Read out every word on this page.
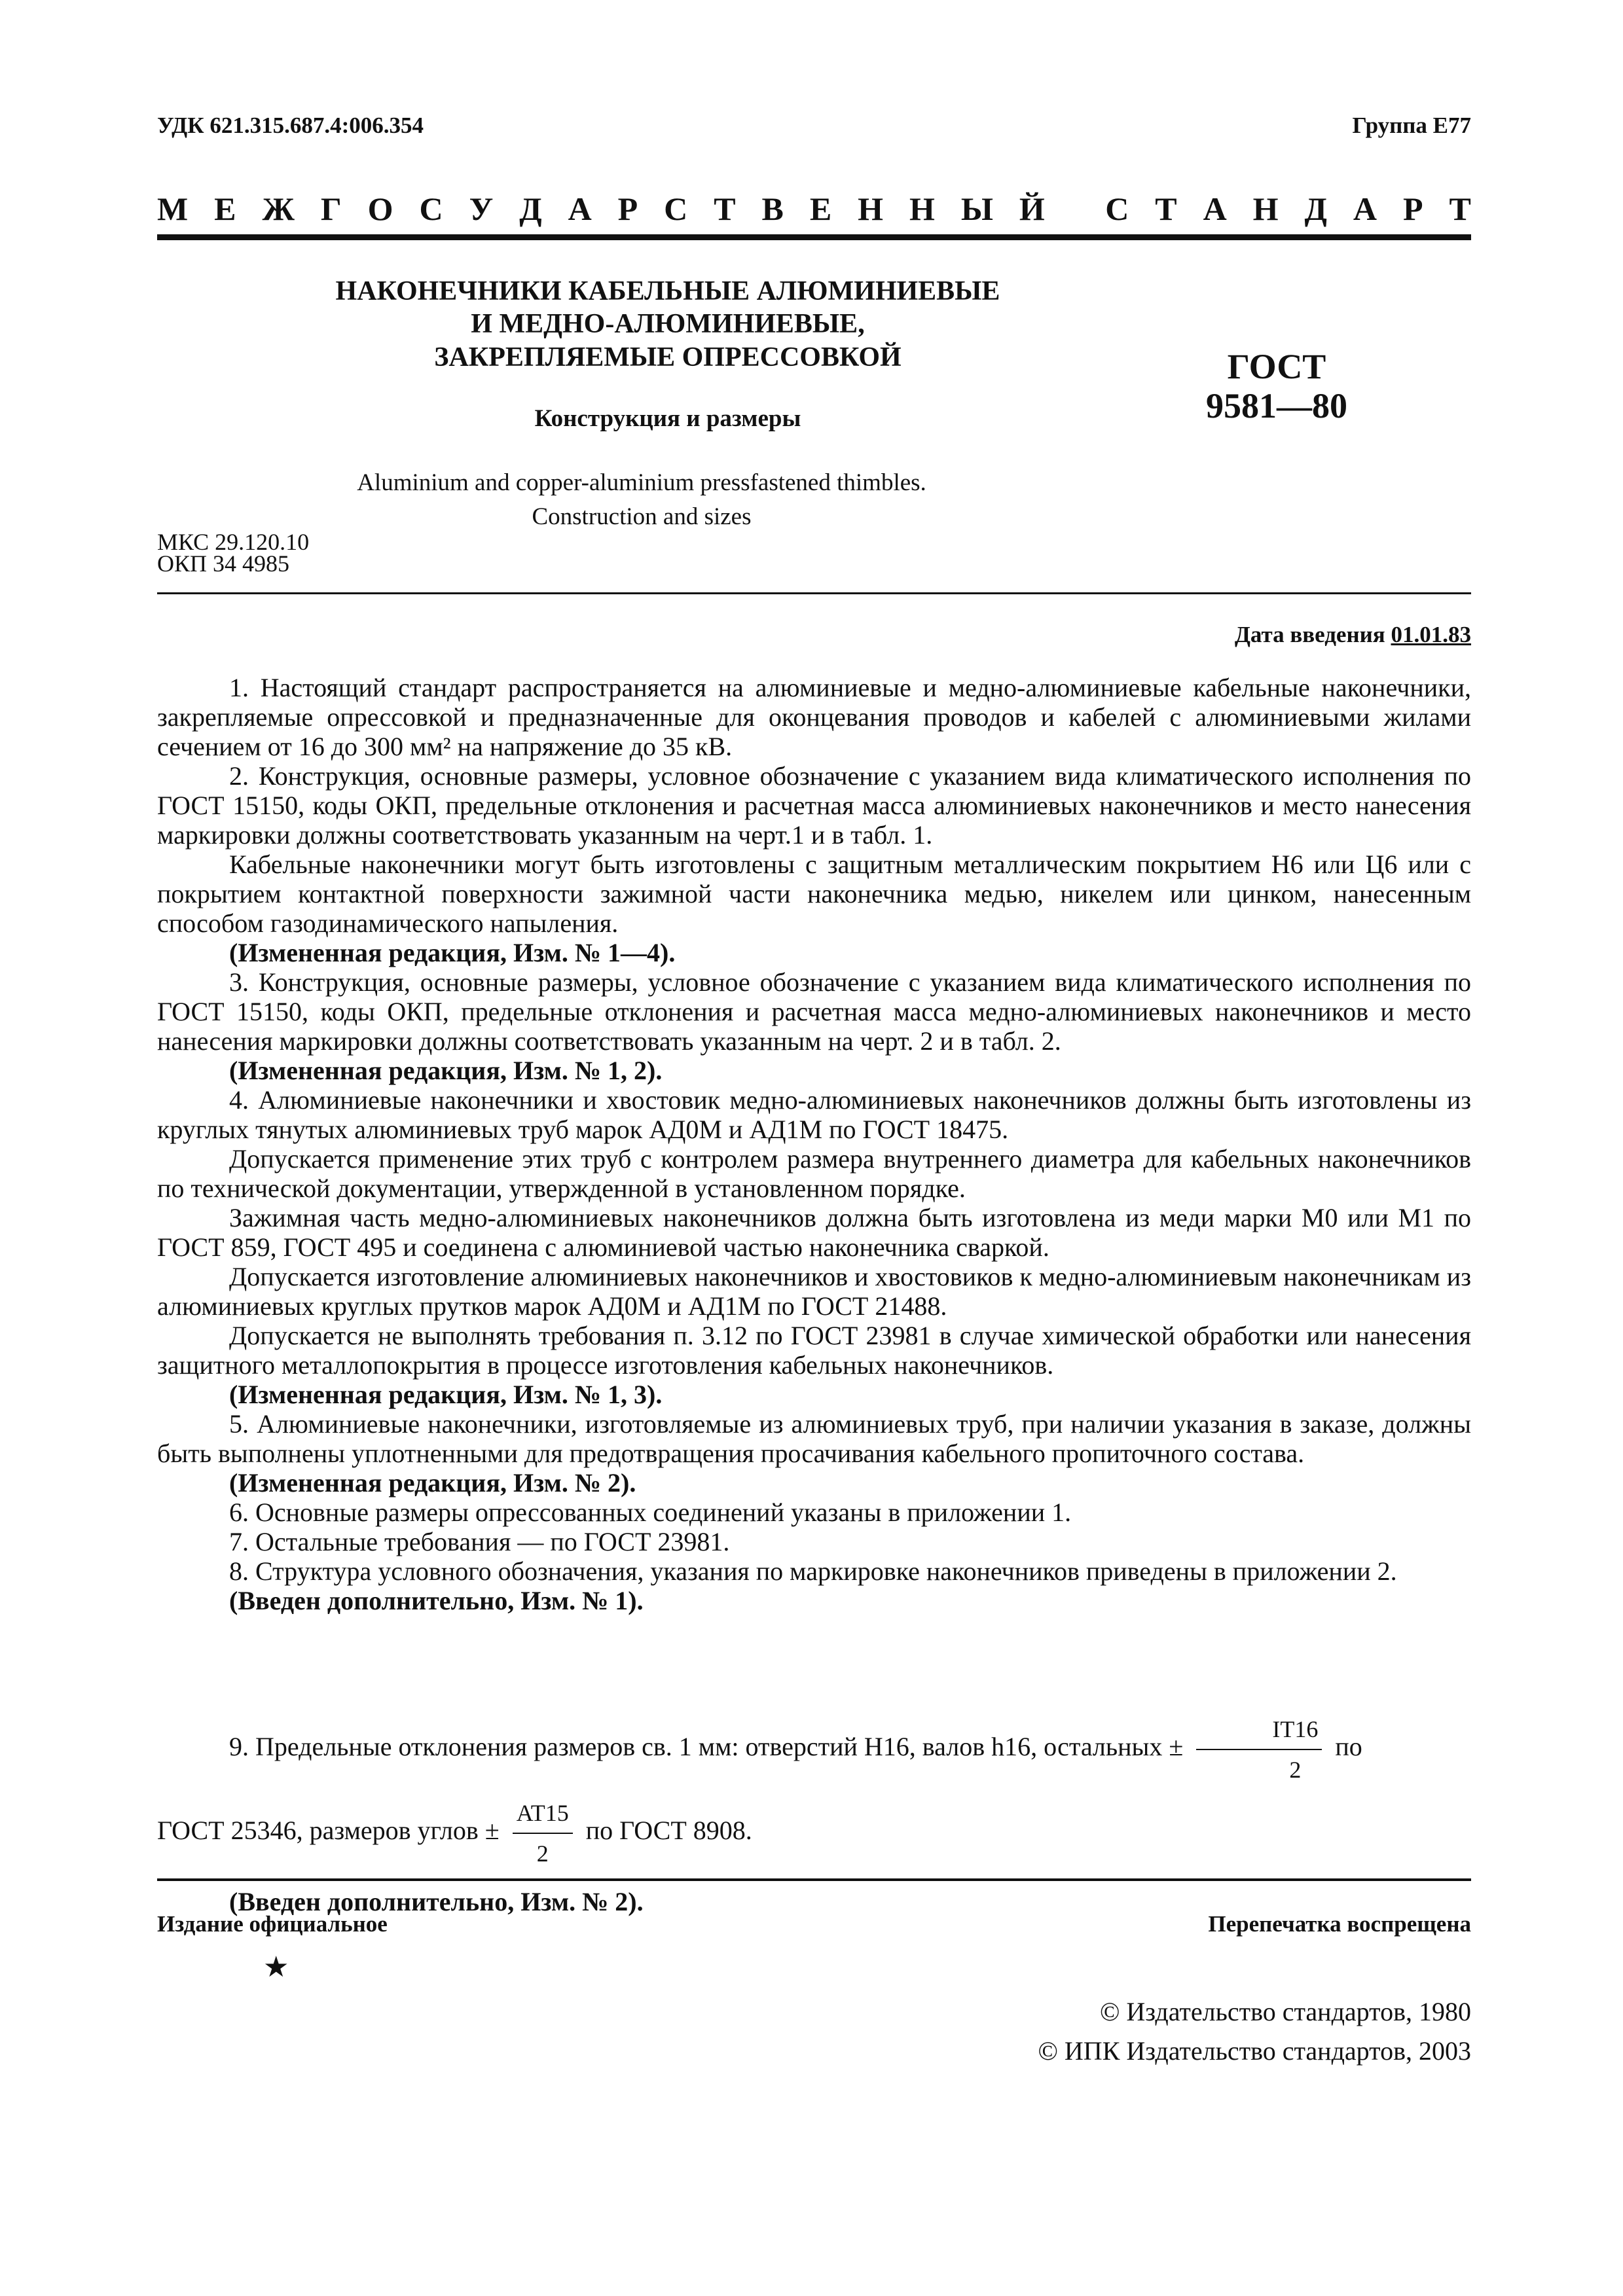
УДК 621.315.687.4:006.354	Группа Е77
М Е Ж Г О С У Д А Р С Т В Е Н Н Ы Й
С Т А Н Д А Р Т
НАКОНЕЧНИКИ КАБЕЛЬНЫЕ АЛЮМИНИЕВЫЕ
И МЕДНО-АЛЮМИНИЕВЫЕ,
ЗАКРЕПЛЯЕМЫЕ ОПРЕССОВКОЙ
Конструкция и размеры
ГОСТ
9581—80
Aluminium and copper-aluminium pressfastened thimbles.
Construction and sizes
МКС 29.120.10
ОКП 34 4985
Дата введения 01.01.83

1. Настоящий стандарт распространяется на алюминиевые и медно-алюминиевые кабельные наконечники, закрепляемые опрессовкой и предназначенные для оконцевания проводов и кабелей с алюминиевыми жилами сечением от 16 до 300 мм² на напряжение до 35 кВ.

2. Конструкция, основные размеры, условное обозначение с указанием вида климатического исполнения по ГОСТ 15150, коды ОКП, предельные отклонения и расчетная масса алюминиевых наконечников и место нанесения маркировки должны соответствовать указанным на черт.1 и в табл. 1.

Кабельные наконечники могут быть изготовлены с защитным металлическим покрытием Н6 или Ц6 или с покрытием контактной поверхности зажимной части наконечника медью, никелем или цинком, нанесенным способом газодинамического напыления.

(Измененная редакция, Изм. № 1—4).

3. Конструкция, основные размеры, условное обозначение с указанием вида климатического исполнения по ГОСТ 15150, коды ОКП, предельные отклонения и расчетная масса медно-алюминиевых наконечников и место нанесения маркировки должны соответствовать указанным на черт. 2 и в табл. 2.

(Измененная редакция, Изм. № 1, 2).

4. Алюминиевые наконечники и хвостовик медно-алюминиевых наконечников должны быть изготовлены из круглых тянутых алюминиевых труб марок АД0М и АД1М по ГОСТ 18475.

Допускается применение этих труб с контролем размера внутреннего диаметра для кабельных наконечников по технической документации, утвержденной в установленном порядке.

Зажимная часть медно-алюминиевых наконечников должна быть изготовлена из меди марки М0 или М1 по ГОСТ 859, ГОСТ 495 и соединена с алюминиевой частью наконечника сваркой.

Допускается изготовление алюминиевых наконечников и хвостовиков к медно-алюминиевым наконечникам из алюминиевых круглых прутков марок АД0М и АД1М по ГОСТ 21488.

Допускается не выполнять требования п. 3.12 по ГОСТ 23981 в случае химической обработки или нанесения защитного металлопокрытия в процессе изготовления кабельных наконечников.

(Измененная редакция, Изм. № 1, 3).

5. Алюминиевые наконечники, изготовляемые из алюминиевых труб, при наличии указания в заказе, должны быть выполнены уплотненными для предотвращения просачивания кабельного пропиточного состава.

(Измененная редакция, Изм. № 2).

6. Основные размеры опрессованных соединений указаны в приложении 1.

7. Остальные требования — по ГОСТ 23981.

8. Структура условного обозначения, указания по маркировке наконечников приведены в приложении 2.

(Введен дополнительно, Изм. № 1).

9. Предельные отклонения размеров св. 1 мм: отверстий Н16, валов h16, остальных ± $\frac{IT16}{2}$ по
ГОСТ 25346, размеров углов ± $\frac{AT15}{2}$ по ГОСТ 8908.
(Введен дополнительно, Изм. № 2).
Издание официальное	Перепечатка воспрещена
★
© Издательство стандартов, 1980
© ИПК Издательство стандартов, 2003
